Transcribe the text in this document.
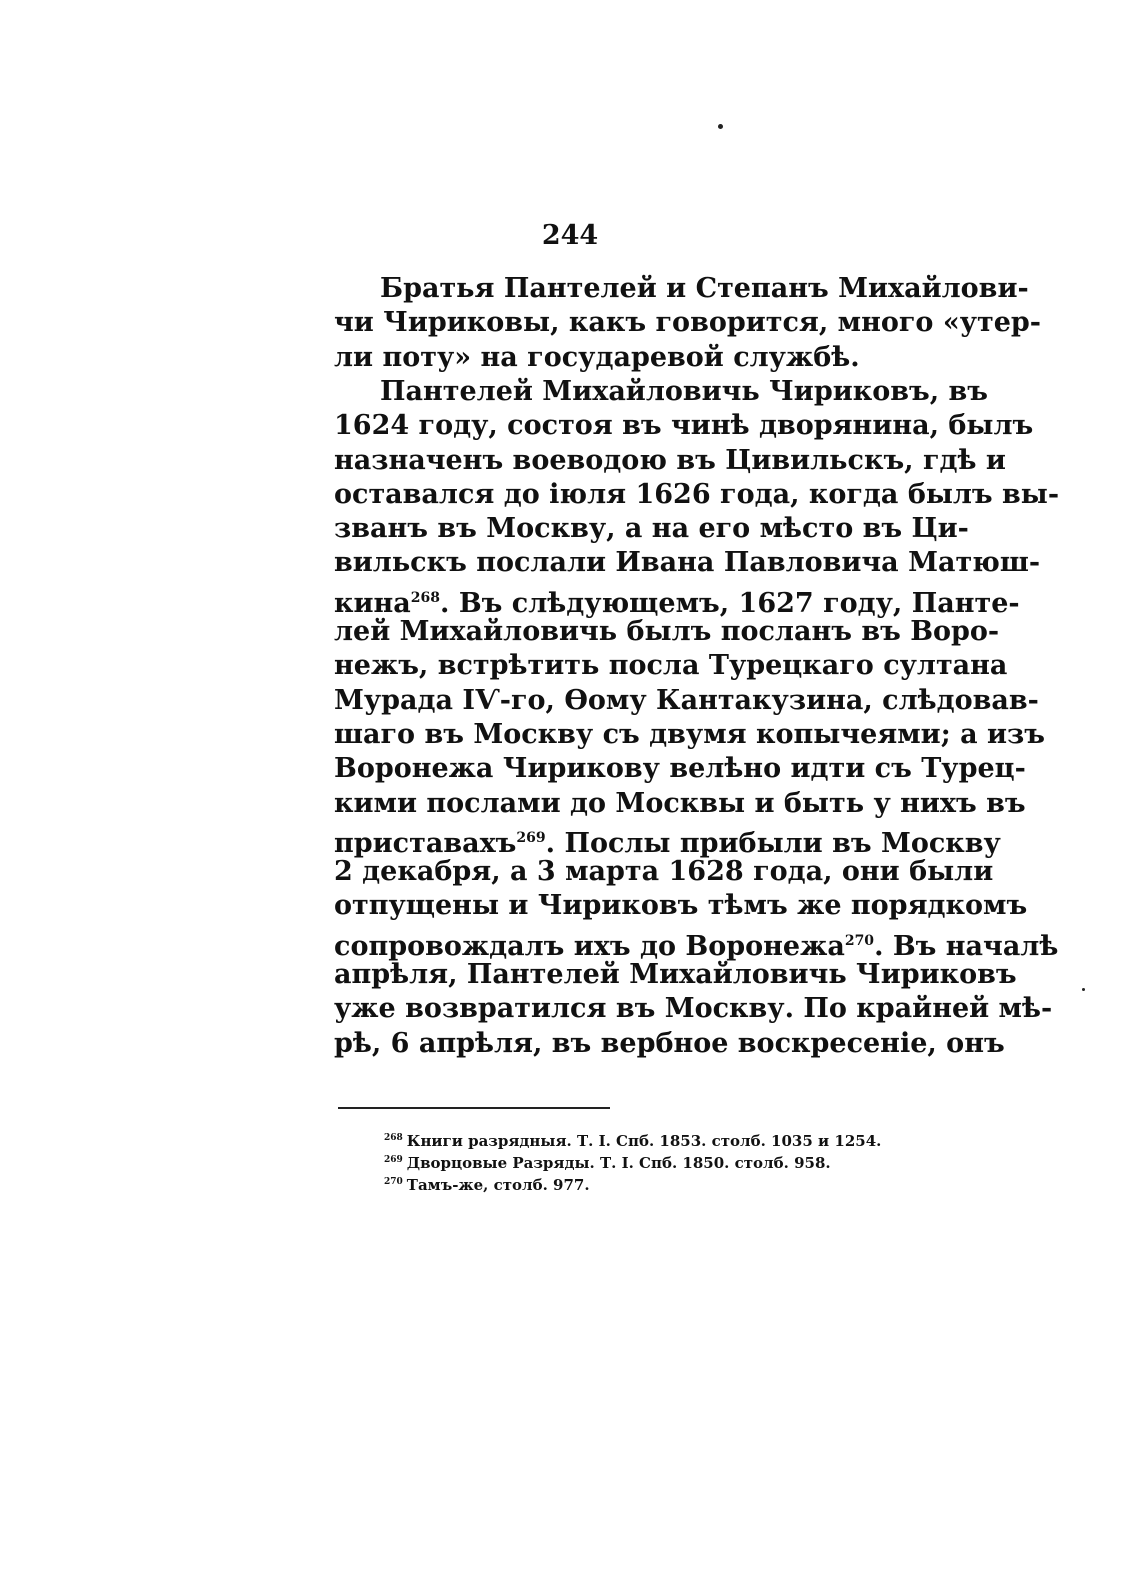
244
Братья Пантелей и Степанъ Михайлови-
чи Чириковы, какъ говорится, много «утер-
ли поту» на государевой службѣ.
Пантелей Михайловичь Чириковъ, въ
1624 году, состоя въ чинѣ дворянина, былъ
назначенъ воеводою въ Цивильскъ, гдѣ и
оставался до іюля 1626 года, когда былъ вы-
званъ въ Москву, а на его мѣсто въ Ци-
вильскъ послали Ивана Павловича Матюш-
кина$^{268}$. Въ слѣдующемъ, 1627 году, Панте-
лей Михайловичь былъ посланъ въ Воро-
нежъ, встрѣтить посла Турецкаго султана
Мурада IѴ-го, Ѳому Кантакузина, слѣдовав-
шаго въ Москву съ двумя копычеями; а изъ
Воронежа Чирикову велѣно идти съ Турец-
кими послами до Москвы и быть у нихъ въ
приставахъ$^{269}$. Послы прибыли въ Москву
2 декабря, а 3 марта 1628 года, они были
отпущены и Чириковъ тѣмъ же порядкомъ
сопровождалъ ихъ до Воронежа$^{270}$. Въ началѣ
апрѣля, Пантелей Михайловичь Чириковъ
уже возвратился въ Москву. По крайней мѣ-
рѣ, 6 апрѣля, въ вербное воскресеніе, онъ
$^{268}$ Книги разрядныя. Т. I. Спб. 1853. столб. 1035 и 1254.
$^{269}$ Дворцовые Разряды. Т. I. Спб. 1850. столб. 958.
$^{270}$ Тамъ-же, столб. 977.
